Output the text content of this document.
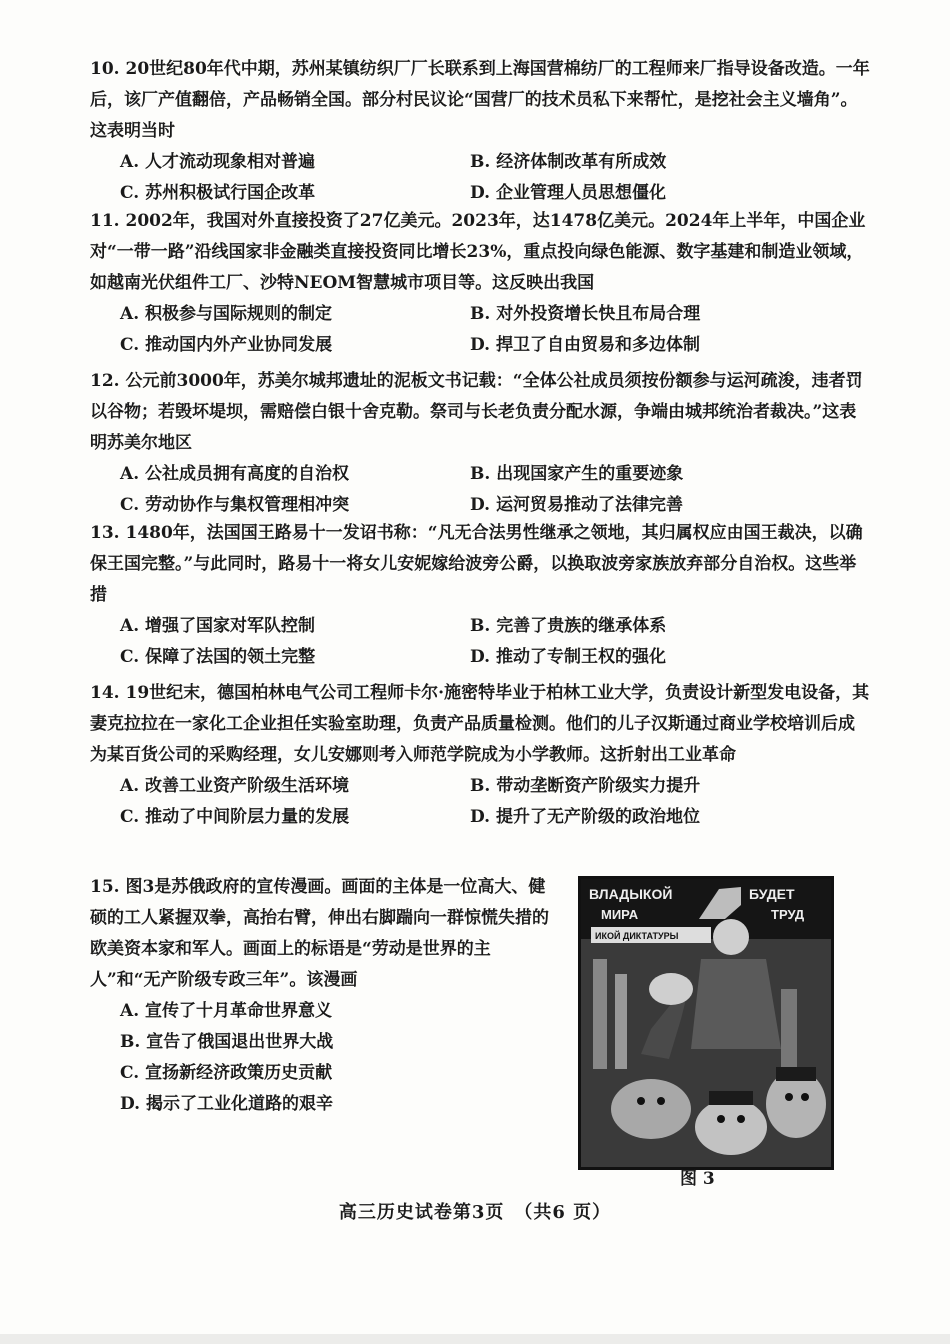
10. 20世纪80年代中期，苏州某镇纺织厂厂长联系到上海国营棉纺厂的工程师来厂指导设备改造。一年后，该厂产值翻倍，产品畅销全国。部分村民议论“国营厂的技术员私下来帮忙，是挖社会主义墙角”。这表明当时

A. 人才流动现象相对普遍	B. 经济体制改革有所成效
C. 苏州积极试行国企改革	D. 企业管理人员思想僵化

11. 2002年，我国对外直接投资了27亿美元。2023年，达1478亿美元。2024年上半年，中国企业对“一带一路”沿线国家非金融类直接投资同比增长23%，重点投向绿色能源、数字基建和制造业领域，如越南光伏组件工厂、沙特NEOM智慧城市项目等。这反映出我国

A. 积极参与国际规则的制定	B. 对外投资增长快且布局合理
C. 推动国内外产业协同发展	D. 捍卫了自由贸易和多边体制

12. 公元前3000年，苏美尔城邦遗址的泥板文书记载：“全体公社成员须按份额参与运河疏浚，违者罚以谷物；若毁坏堤坝，需赔偿白银十舍克勒。祭司与长老负责分配水源，争端由城邦统治者裁决。”这表明苏美尔地区

A. 公社成员拥有高度的自治权	B. 出现国家产生的重要迹象
C. 劳动协作与集权管理相冲突	D. 运河贸易推动了法律完善

13. 1480年，法国国王路易十一发诏书称：“凡无合法男性继承之领地，其归属权应由国王裁决，以确保王国完整。”与此同时，路易十一将女儿安妮嫁给波旁公爵，以换取波旁家族放弃部分自治权。这些举措

A. 增强了国家对军队控制	B. 完善了贵族的继承体系
C. 保障了法国的领土完整	D. 推动了专制王权的强化

14. 19世纪末，德国柏林电气公司工程师卡尔·施密特毕业于柏林工业大学，负责设计新型发电设备，其妻克拉拉在一家化工企业担任实验室助理，负责产品质量检测。他们的儿子汉斯通过商业学校培训后成为某百货公司的采购经理，女儿安娜则考入师范学院成为小学教师。这折射出工业革命

A. 改善工业资产阶级生活环境	B. 带动垄断资产阶级实力提升
C. 推动了中间阶层力量的发展	D. 提升了无产阶级的政治地位

15. 图3是苏俄政府的宣传漫画。画面的主体是一位高大、健硕的工人紧握双拳，高抬右臂，伸出右脚踹向一群惊慌失措的欧美资本家和军人。画面上的标语是“劳动是世界的主人”和“无产阶级专政三年”。该漫画

A. 宣传了十月革命世界意义
B. 宣告了俄国退出世界大战
C. 宣扬新经济政策历史贡献
D. 揭示了工业化道路的艰辛
ВЛАДЫКОЙ	БУДЕТ
МИРА	ТРУД
ИКОЙ ДИКТАТУРЫ
图 3
高三历史试卷第3页　（共6 页）
